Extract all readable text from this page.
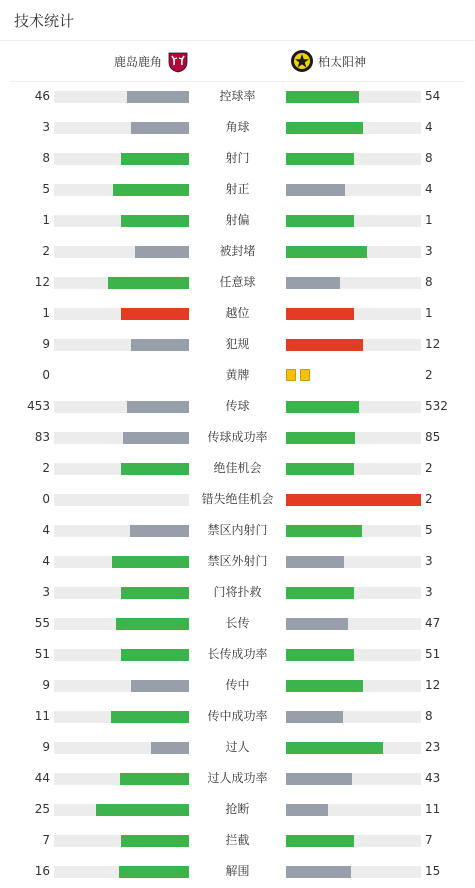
技术统计
鹿岛鹿角	柏太阳神
46	控球率	54
3	角球	4
8	射门	8
5	射正	4
1	射偏	1
2	被封堵	3
12	任意球	8
1	越位	1
9	犯规	12
0	黄牌	2
453	传球	532
83	传球成功率	85
2	绝佳机会	2
0	错失绝佳机会	2
4	禁区内射门	5
4	禁区外射门	3
3	门将扑救	3
55	长传	47
51	长传成功率	51
9	传中	12
11	传中成功率	8
9	过人	23
44	过人成功率	43
25	抢断	11
7	拦截	7
16	解围	15
